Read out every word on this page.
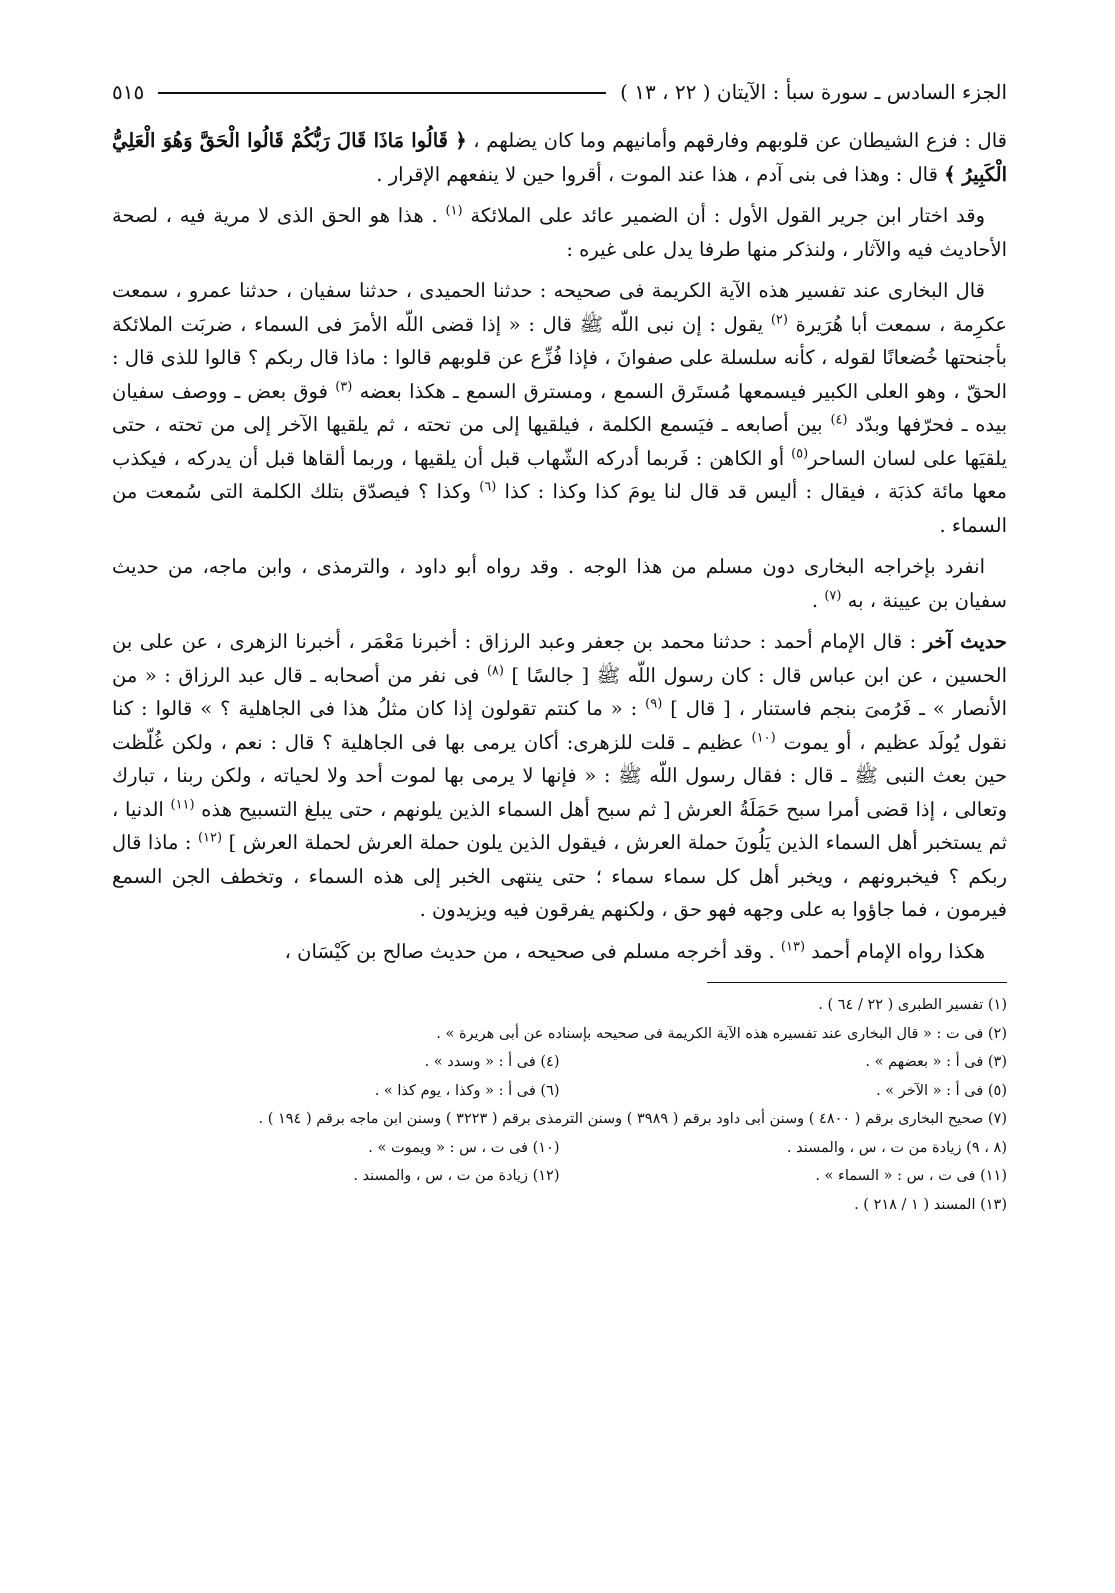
الجزء السادس ـ سورة سبأ : الآيتان ( ٢٢ ، ١٣ )
٥١٥

قال : فزع الشيطان عن قلوبهم وفارقهم وأمانيهم وما كان يضلهم ، ﴿ قَالُوا مَاذَا قَالَ رَبُّكُمْ قَالُوا الْحَقَّ وَهُوَ الْعَلِيُّ الْكَبِيرُ ﴾ قال : وهذا فى بنى آدم ، هذا عند الموت ، أقروا حين لا ينفعهم الإقرار .

وقد اختار ابن جرير القول الأول : أن الضمير عائد على الملائكة $^{(١)}$ . هذا هو الحق الذى لا مرية فيه ، لصحة الأحاديث فيه والآثار ، ولنذكر منها طرفا يدل على غيره :

قال البخارى عند تفسير هذه الآية الكريمة فى صحيحه : حدثنا الحميدى ، حدثنا سفيان ، حدثنا عمرو ، سمعت عكرِمة ، سمعت أبا هُرَيرة $^{(٢)}$ يقول : إن نبى اللّه ﷺ قال : « إذا قضى اللّه الأمرَ فى السماء ، ضربَت الملائكة بأجنحتها خُضعانًا لقوله ، كأنه سلسلة على صفوانَ ، فإذا فُزِّع عن قلوبهم قالوا : ماذا قال ربكم ؟ قالوا للذى قال : الحقّ ، وهو العلى الكبير فيسمعها مُستَرق السمع ، ومسترق السمع ـ هكذا بعضه $^{(٣)}$ فوق بعض ـ ووصف سفيان بيده ـ فحرّفها وبدّد $^{(٤)}$ بين أصابعه ـ فيَسمع الكلمة ، فيلقيها إلى من تحته ، ثم يلقيها الآخر إلى من تحته ، حتى يلقيَها على لسان الساحر$^{(٥)}$ أو الكاهن : فَربما أدركه الشّهاب قبل أن يلقيها ، وربما ألقاها قبل أن يدركه ، فيكذب معها مائة كذبَة ، فيقال : أليس قد قال لنا يومَ كذا وكذا : كذا $^{(٦)}$ وكذا ؟ فيصدّق بتلك الكلمة التى سُمعت من السماء .

انفرد بإخراجه البخارى دون مسلم من هذا الوجه . وقد رواه أبو داود ، والترمذى ، وابن ماجه، من حديث سفيان بن عيينة ، به $^{(٧)}$ .

حديث آخر : قال الإمام أحمد : حدثنا محمد بن جعفر وعبد الرزاق : أخبرنا مَعْمَر ، أخبرنا الزهرى ، عن على بن الحسين ، عن ابن عباس قال : كان رسول اللّه ﷺ [ جالسًا ] $^{(٨)}$ فى نفر من أصحابه ـ قال عبد الرزاق : « من الأنصار » ـ فَرُمىَ بنجم فاستنار ، [ قال ] $^{(٩)}$ : « ما كنتم تقولون إذا كان مثلُ هذا فى الجاهلية ؟ » قالوا : كنا نقول يُولَد عظيم ، أو يموت $^{(١٠)}$ عظيم ـ قلت للزهرى: أكان يرمى بها فى الجاهلية ؟ قال : نعم ، ولكن غُلّظت حين بعث النبى ﷺ ـ قال : فقال رسول اللّه ﷺ : « فإنها لا يرمى بها لموت أحد ولا لحياته ، ولكن ربنا ، تبارك وتعالى ، إذا قضى أمرا سبح حَمَلَةُ العرش [ ثم سبح أهل السماء الذين يلونهم ، حتى يبلغ التسبيح هذه $^{(١١)}$ الدنيا ، ثم يستخبر أهل السماء الذين يَلُونَ حملة العرش ، فيقول الذين يلون حملة العرش لحملة العرش ] $^{(١٢)}$ : ماذا قال ربكم ؟ فيخبرونهم ، ويخبر أهل كل سماء سماء ؛ حتى ينتهى الخبر إلى هذه السماء ، وتخطف الجن السمع فيرمون ، فما جاؤوا به على وجهه فهو حق ، ولكنهم يفرقون فيه ويزيدون .

هكذا رواه الإمام أحمد $^{(١٣)}$ . وقد أخرجه مسلم فى صحيحه ، من حديث صالح بن كَيْسَان ،

(١) تفسير الطبرى ( ٢٢ / ٦٤ ) .
(٢) فى ت : « قال البخارى عند تفسيره هذه الآية الكريمة فى صحيحه بإسناده عن أبى هريرة » .
(٣) فى أ : « بعضهم » .
(٤) فى أ : « وسدد » .
(٥) فى أ : « الآخر » .
(٦) فى أ : « وكذا ، يوم كذا » .
(٧) صحيح البخارى برقم ( ٤٨٠٠ ) وسنن أبى داود برقم ( ٣٩٨٩ ) وسنن الترمذى برقم ( ٣٢٢٣ ) وسنن ابن ماجه برقم ( ١٩٤ ) .
(٨ ، ٩) زيادة من ت ، س ، والمسند .
(١٠) فى ت ، س : « ويموت » .
(١١) فى ت ، س : « السماء » .
(١٢) زيادة من ت ، س ، والمسند .
(١٣) المسند ( ١ / ٢١٨ ) .
